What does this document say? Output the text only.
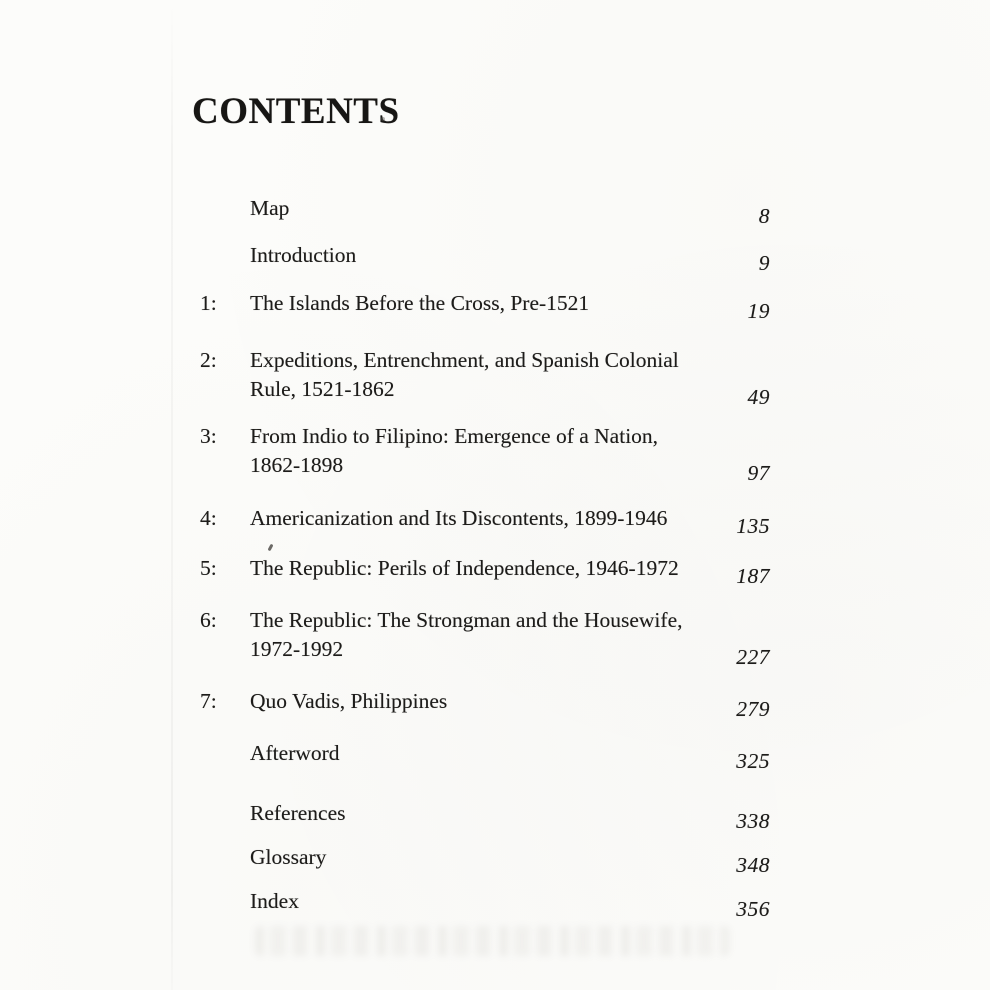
CONTENTS
Map	8
Introduction	9
1:	The Islands Before the Cross, Pre-1521	19
2:	Expeditions, Entrenchment, and Spanish Colonial
Rule, 1521-1862	49
3:	From Indio to Filipino: Emergence of a Nation,
1862-1898	97
4:	Americanization and Its Discontents, 1899-1946	135
5:	The Republic: Perils of Independence, 1946-1972	187
6:	The Republic: The Strongman and the Housewife,
1972-1992	227
7:	Quo Vadis, Philippines	279
Afterword	325
References	338
Glossary	348
Index	356
